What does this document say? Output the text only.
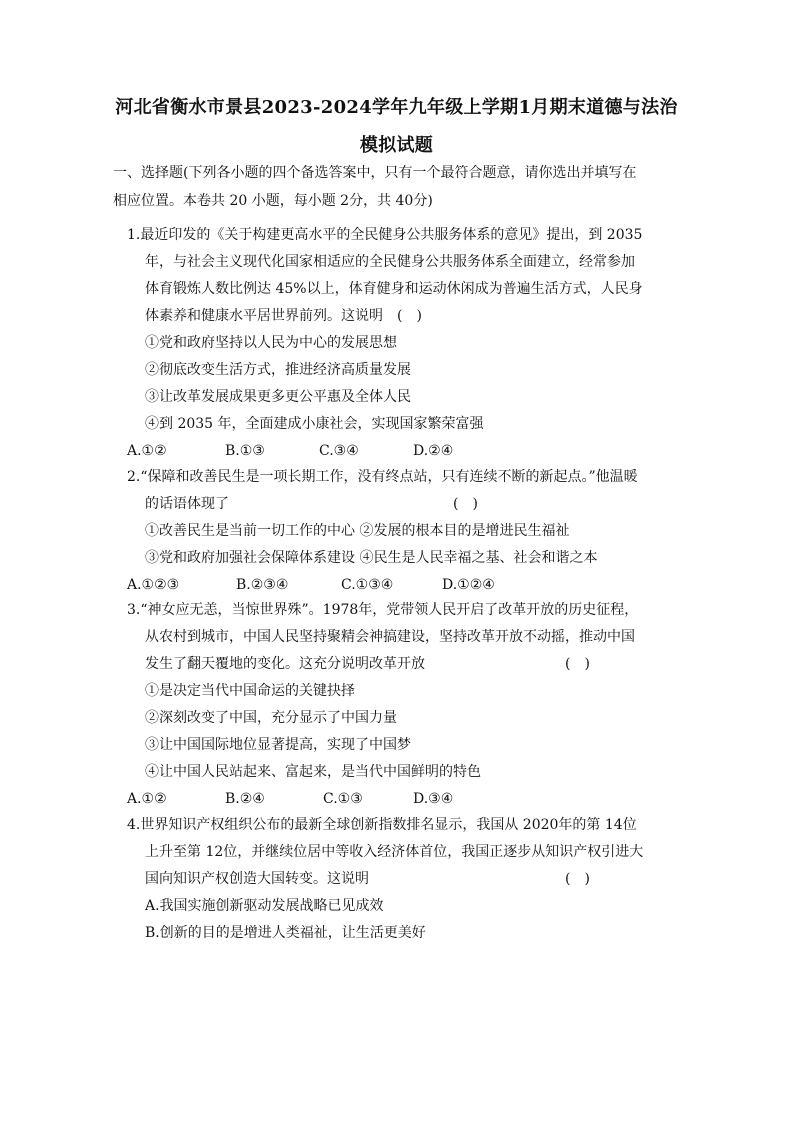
河北省衡水市景县2023-2024学年九年级上学期1月期末道德与法治
模拟试题
一、选择题(下列各小题的四个备选答案中，只有一个最符合题意，请你选出并填写在
相应位置。本卷共 20 小题，每小题 2分，共 40分)
1.最近印发的《关于构建更高水平的全民健身公共服务体系的意见》提出，到 2035
年，与社会主义现代化国家相适应的全民健身公共服务体系全面建立，经常参加
体育锻炼人数比例达 45%以上，体育健身和运动休闲成为普遍生活方式，人民身
体素养和健康水平居世界前列。这说明　(　)
①党和政府坚持以人民为中心的发展思想
②彻底改变生活方式，推进经济高质量发展
③让改革发展成果更多更公平惠及全体人民
④到 2035 年，全面建成小康社会，实现国家繁荣富强
A.①②	B.①③	C.③④	D.②④
2.“保障和改善民生是一项长期工作，没有终点站，只有连续不断的新起点。”他温暖
的话语体现了　　　　　　　　　　　　　　　　(　)
①改善民生是当前一切工作的中心 ②发展的根本目的是增进民生福祉
③党和政府加强社会保障体系建设 ④民生是人民幸福之基、社会和谐之本
A.①②③	B.②③④	C.①③④	D.①②④
3.“神女应无恙，当惊世界殊”。1978年，党带领人民开启了改革开放的历史征程，
从农村到城市，中国人民坚持聚精会神搞建设，坚持改革开放不动摇，推动中国
发生了翻天覆地的变化。这充分说明改革开放　　　　　　　　　　(　)
①是决定当代中国命运的关键抉择
②深刻改变了中国，充分显示了中国力量
③让中国国际地位显著提高，实现了中国梦
④让中国人民站起来、富起来，是当代中国鲜明的特色
A.①②	B.②④	C.①③	D.③④
4.世界知识产权组织公布的最新全球创新指数排名显示，我国从 2020年的第 14位
上升至第 12位，并继续位居中等收入经济体首位，我国正逐步从知识产权引进大
国向知识产权创造大国转变。这说明　　　　　　　　　　　　　　(　)
A.我国实施创新驱动发展战略已见成效
B.创新的目的是增进人类福祉，让生活更美好
